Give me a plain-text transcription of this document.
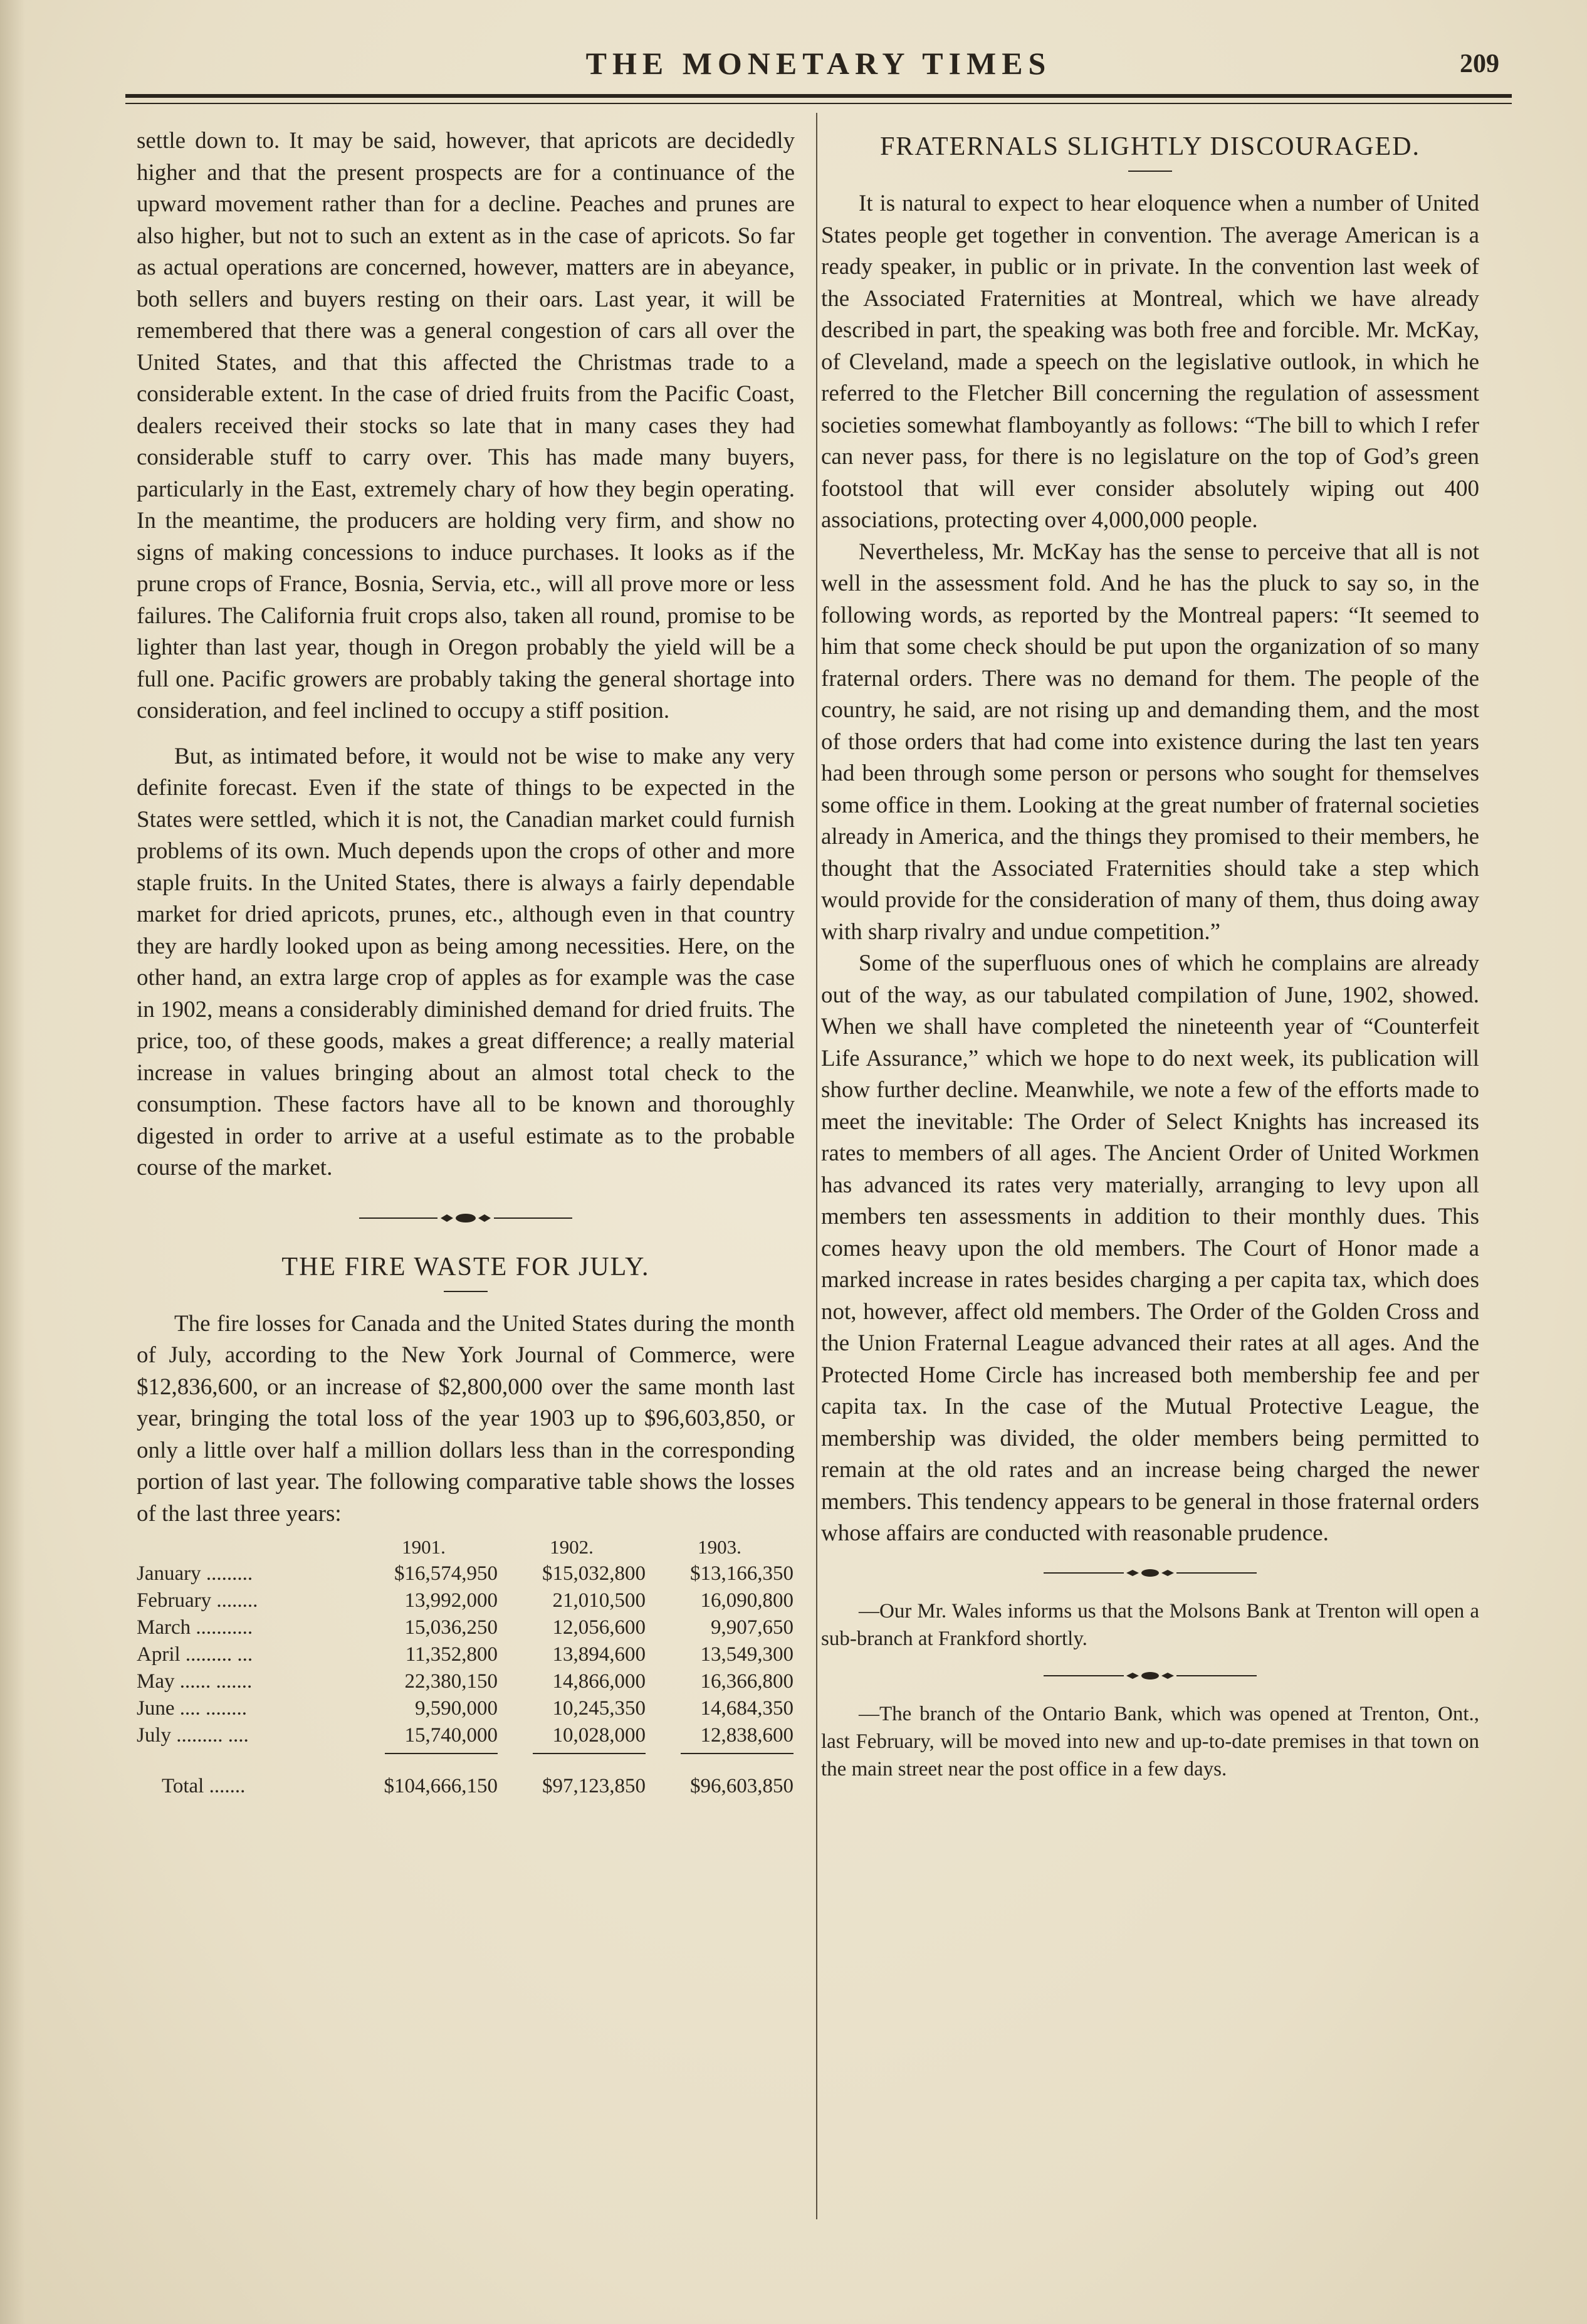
THE MONETARY TIMES	209

settle down to. It may be said, however, that apricots are decidedly higher and that the present prospects are for a continuance of the upward movement rather than for a decline. Peaches and prunes are also higher, but not to such an extent as in the case of apricots. So far as actual operations are concerned, however, matters are in abeyance, both sellers and buyers resting on their oars. Last year, it will be remembered that there was a general congestion of cars all over the United States, and that this affected the Christmas trade to a considerable extent. In the case of dried fruits from the Pacific Coast, dealers received their stocks so late that in many cases they had considerable stuff to carry over. This has made many buyers, particularly in the East, extremely chary of how they begin operating. In the meantime, the producers are holding very firm, and show no signs of making concessions to induce purchases. It looks as if the prune crops of France, Bosnia, Servia, etc., will all prove more or less failures. The California fruit crops also, taken all round, promise to be lighter than last year, though in Oregon probably the yield will be a full one. Pacific growers are probably taking the general shortage into consideration, and feel inclined to occupy a stiff position.

But, as intimated before, it would not be wise to make any very definite forecast. Even if the state of things to be expected in the States were settled, which it is not, the Canadian market could furnish problems of its own. Much depends upon the crops of other and more staple fruits. In the United States, there is always a fairly dependable market for dried apricots, prunes, etc., although even in that country they are hardly looked upon as being among necessities. Here, on the other hand, an extra large crop of apples as for example was the case in 1902, means a considerably diminished demand for dried fruits. The price, too, of these goods, makes a great difference; a really material increase in values bringing about an almost total check to the consumption. These factors have all to be known and thoroughly digested in order to arrive at a useful estimate as to the probable course of the market.

THE FIRE WASTE FOR JULY.

The fire losses for Canada and the United States during the month of July, according to the New York Journal of Commerce, were $12,836,600, or an increase of $2,800,000 over the same month last year, bringing the total loss of the year 1903 up to $96,603,850, or only a little over half a million dollars less than in the corresponding portion of last year. The following comparative table shows the losses of the last three years:

1901.	1902.	1903.
January .........	$16,574,950	$15,032,800	$13,166,350
February ........	13,992,000	21,010,500	16,090,800
March ...........	15,036,250	12,056,600	9,907,650
April ......... ...	11,352,800	13,894,600	13,549,300
May ...... .......	22,380,150	14,866,000	16,366,800
June .... ........	9,590,000	10,245,350	14,684,350
July ......... ....	15,740,000	10,028,000	12,838,600
Total .......	$104,666,150	$97,123,850	$96,603,850
FRATERNALS SLIGHTLY DISCOURAGED.

It is natural to expect to hear eloquence when a number of United States people get together in convention. The average American is a ready speaker, in public or in private. In the convention last week of the Associated Fraternities at Montreal, which we have already described in part, the speaking was both free and forcible. Mr. McKay, of Cleveland, made a speech on the legislative outlook, in which he referred to the Fletcher Bill concerning the regulation of assessment societies somewhat flamboyantly as follows: “The bill to which I refer can never pass, for there is no legislature on the top of God’s green footstool that will ever consider absolutely wiping out 400 associations, protecting over 4,000,000 people.

Nevertheless, Mr. McKay has the sense to perceive that all is not well in the assessment fold. And he has the pluck to say so, in the following words, as reported by the Montreal papers: “It seemed to him that some check should be put upon the organization of so many fraternal orders. There was no demand for them. The people of the country, he said, are not rising up and demanding them, and the most of those orders that had come into existence during the last ten years had been through some person or persons who sought for themselves some office in them. Looking at the great number of fraternal societies already in America, and the things they promised to their members, he thought that the Associated Fraternities should take a step which would provide for the consideration of many of them, thus doing away with sharp rivalry and undue competition.”

Some of the superfluous ones of which he complains are already out of the way, as our tabulated compilation of June, 1902, showed. When we shall have completed the nineteenth year of “Counterfeit Life Assurance,” which we hope to do next week, its publication will show further decline. Meanwhile, we note a few of the efforts made to meet the inevitable: The Order of Select Knights has increased its rates to members of all ages. The Ancient Order of United Workmen has advanced its rates very materially, arranging to levy upon all members ten assessments in addition to their monthly dues. This comes heavy upon the old members. The Court of Honor made a marked increase in rates besides charging a per capita tax, which does not, however, affect old members. The Order of the Golden Cross and the Union Fraternal League advanced their rates at all ages. And the Protected Home Circle has increased both membership fee and per capita tax. In the case of the Mutual Protective League, the membership was divided, the older members being permitted to remain at the old rates and an increase being charged the newer members. This tendency appears to be general in those fraternal orders whose affairs are conducted with reasonable prudence.

—Our Mr. Wales informs us that the Molsons Bank at Trenton will open a sub-branch at Frankford shortly.

—The branch of the Ontario Bank, which was opened at Trenton, Ont., last February, will be moved into new and up-to-date premises in that town on the main street near the post office in a few days.
